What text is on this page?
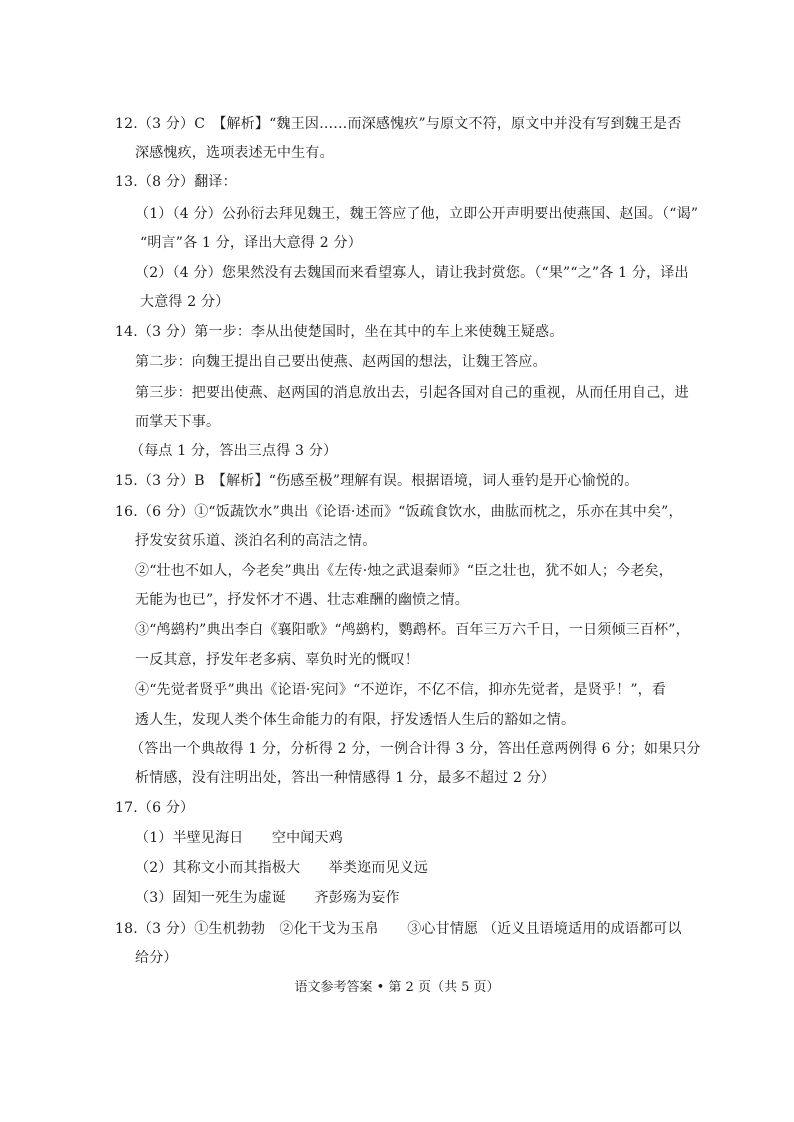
12.（3 分）C　【解析】“魏王因……而深感愧疚”与原文不符，原文中并没有写到魏王是否
深感愧疚，选项表述无中生有。
13.（8 分）翻译：
（1）（4 分）公孙衍去拜见魏王，魏王答应了他，立即公开声明要出使燕国、赵国。（“谒”
“明言”各 1 分，译出大意得 2 分）
（2）（4 分）您果然没有去魏国而来看望寡人，请让我封赏您。（“果”“之”各 1 分，译出
大意得 2 分）
14.（3 分）第一步：李从出使楚国时，坐在其中的车上来使魏王疑惑。
第二步：向魏王提出自己要出使燕、赵两国的想法，让魏王答应。
第三步：把要出使燕、赵两国的消息放出去，引起各国对自己的重视，从而任用自己，进
而掌天下事。
（每点 1 分，答出三点得 3 分）
15.（3 分）B　【解析】“伤感至极”理解有误。根据语境，词人垂钓是开心愉悦的。
16.（6 分）①“饭蔬饮水”典出《论语·述而》“饭疏食饮水，曲肱而枕之，乐亦在其中矣”，
抒发安贫乐道、淡泊名利的高洁之情。
②“壮也不如人，今老矣”典出《左传·烛之武退秦师》“臣之壮也，犹不如人；今老矣，
无能为也已”，抒发怀才不遇、壮志难酬的幽愤之情。
③“鸬鹚杓”典出李白《襄阳歌》“鸬鹚杓，鹦鹉杯。百年三万六千日，一日须倾三百杯”，
一反其意，抒发年老多病、辜负时光的慨叹！
④“先觉者贤乎”典出《论语·宪问》“不逆诈，不亿不信，抑亦先觉者，是贤乎！”，看
透人生，发现人类个体生命能力的有限，抒发透悟人生后的豁如之情。
（答出一个典故得 1 分，分析得 2 分，一例合计得 3 分，答出任意两例得 6 分；如果只分
析情感，没有注明出处，答出一种情感得 1 分，最多不超过 2 分）
17.（6 分）
（1）半壁见海日　　空中闻天鸡
（2）其称文小而其指极大　　举类迩而见义远
（3）固知一死生为虚诞　　齐彭殇为妄作
18.（3 分）①生机勃勃　②化干戈为玉帛　　③心甘情愿 （近义且语境适用的成语都可以
给分）
语文参考答案 • 第 2 页（共 5 页）
